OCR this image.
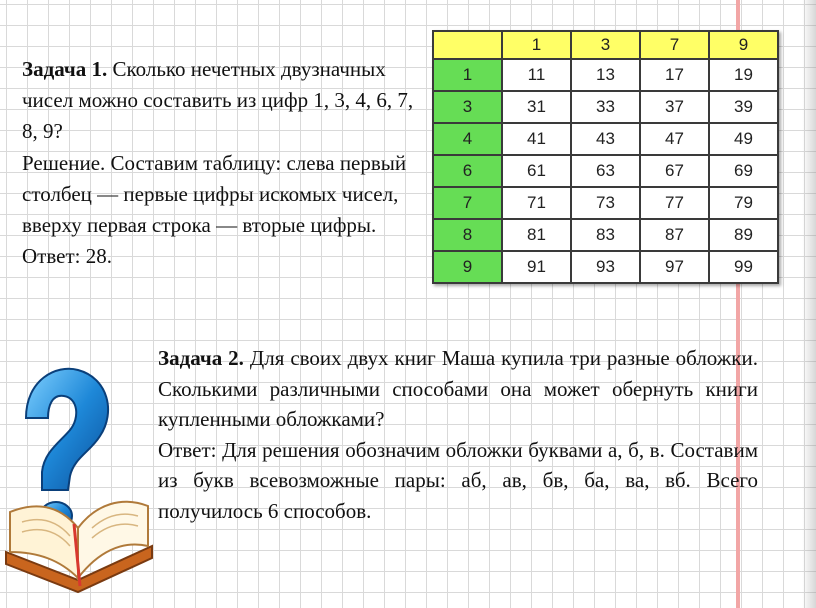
Задача 1. Сколько нечетных двузначных чисел можно составить из цифр 1, 3, 4, 6, 7, 8, 9?

Решение. Составим таблицу: слева первый столбец — первые цифры искомых чисел, вверху первая строка — вторые цифры.

Ответ: 28.

	1	3	7	9
1	11	13	17	19
3	31	33	37	39
4	41	43	47	49
6	61	63	67	69
7	71	73	77	79
8	81	83	87	89
9	91	93	97	99

Задача 2. Для своих двух книг Маша купила три разные обложки. Сколькими различными способами она может обернуть книги купленными обложками?

Ответ: Для решения обозначим обложки буквами а, б, в. Составим из букв всевозможные пары: аб, ав, бв, ба, ва, вб. Всего получилось 6 способов.
